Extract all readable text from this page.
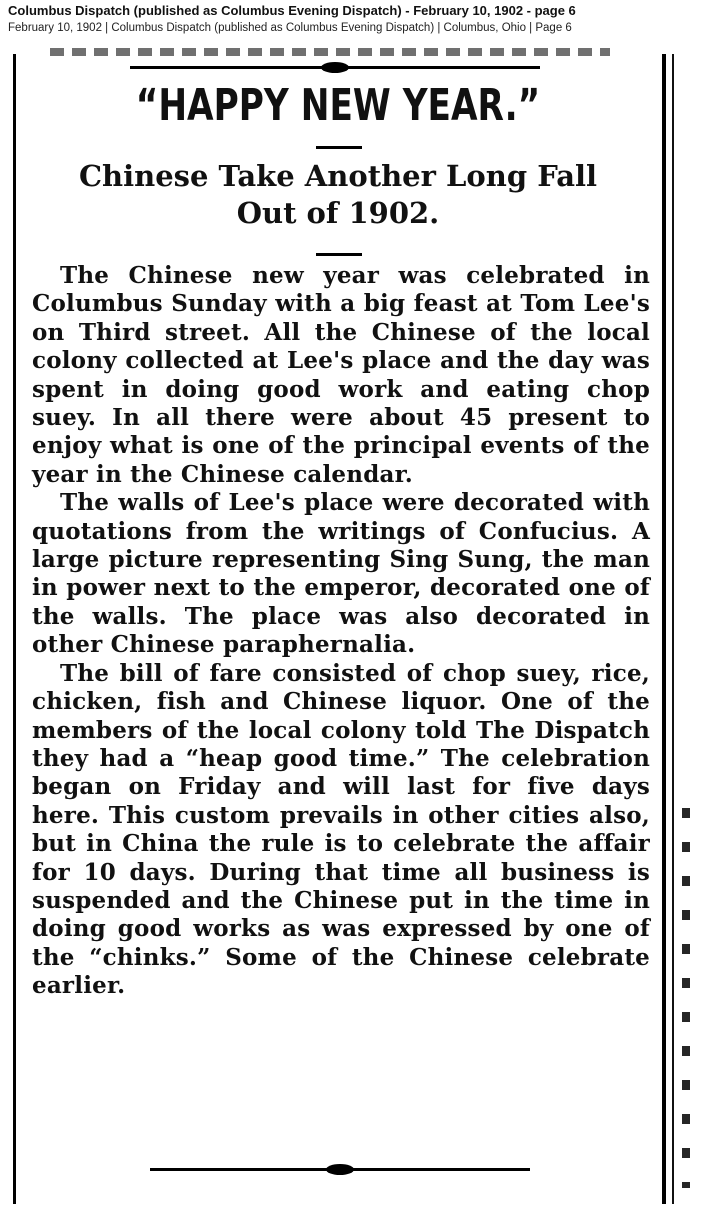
Columbus Dispatch (published as Columbus Evening Dispatch) - February 10, 1902 - page 6
February 10, 1902 | Columbus Dispatch (published as Columbus Evening Dispatch) | Columbus, Ohio | Page 6
“HAPPY NEW YEAR.”
Chinese Take Another Long Fall
Out of 1902.

The Chinese new year was celebrated in Columbus Sunday with a big feast at Tom Lee's on Third street. All the Chinese of the local colony collected at Lee's place and the day was spent in doing good work and eating chop suey. In all there were about 45 present to enjoy what is one of the principal events of the year in the Chinese calendar.

The walls of Lee's place were decorated with quotations from the writings of Confucius. A large picture representing Sing Sung, the man in power next to the emperor, decorated one of the walls. The place was also decorated in other Chinese paraphernalia.

The bill of fare consisted of chop suey, rice, chicken, fish and Chinese liquor. One of the members of the local colony told The Dispatch they had a “heap good time.” The celebration began on Friday and will last for five days here. This custom prevails in other cities also, but in China the rule is to celebrate the affair for 10 days. During that time all business is suspended and the Chinese put in the time in doing good works as was expressed by one of the “chinks.” Some of the Chinese celebrate earlier.
